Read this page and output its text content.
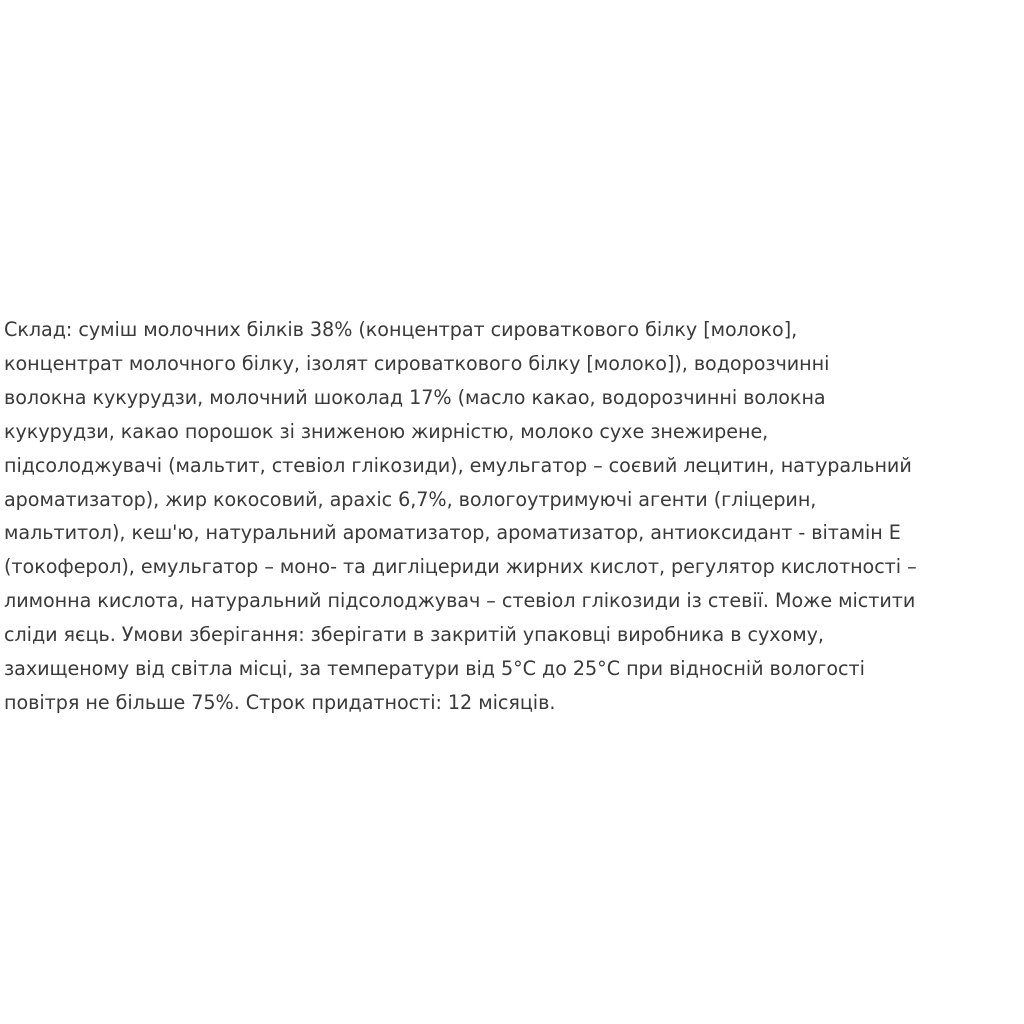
Склад: суміш молочних білків 38% (концентрат сироваткового білку [молоко],
концентрат молочного білку, ізолят сироваткового білку [молоко]), водорозчинні
волокна кукурудзи, молочний шоколад 17% (масло какао, водорозчинні волокна
кукурудзи, какао порошок зі зниженою жирністю, молоко сухе знежирене,
підсолоджувачі (мальтит, стевіол глікозиди), емульгатор – соєвий лецитин, натуральний
ароматизатор), жир кокосовий, арахіс 6,7%, вологоутримуючі агенти (гліцерин,
мальтитол), кеш'ю, натуральний ароматизатор, ароматизатор, антиоксидант - вітамін Е
(токоферол), емульгатор – моно- та дигліцериди жирних кислот, регулятор кислотності –
лимонна кислота, натуральний підсолоджувач – стевіол глікозиди із стевії. Може містити
сліди яєць. Умови зберігання: зберігати в закритій упаковці виробника в сухому,
захищеному від світла місці, за температури від 5°С до 25°С при відносній вологості
повітря не більше 75%. Строк придатності: 12 місяців.
